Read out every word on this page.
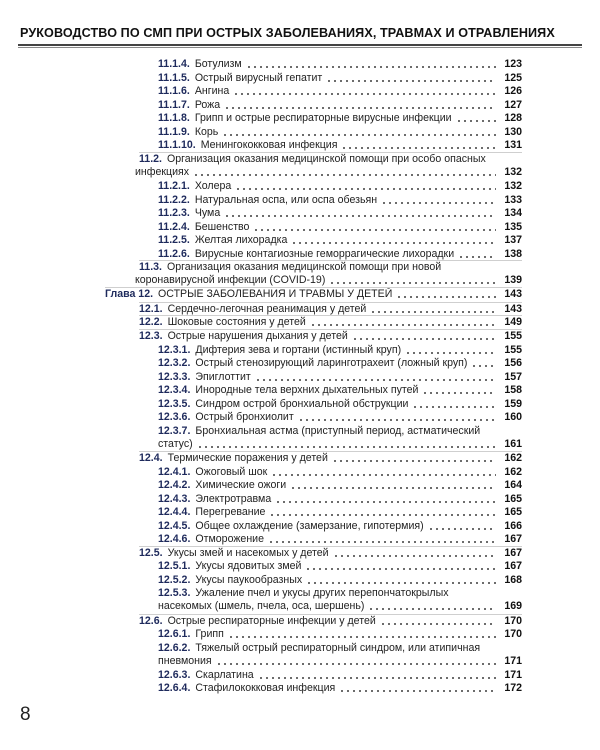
РУКОВОДСТВО ПО СМП ПРИ ОСТРЫХ ЗАБОЛЕВАНИЯХ, ТРАВМАХ И ОТРАВЛЕНИЯХ
11.1.4. Ботулизм	123
11.1.5. Острый вирусный гепатит	125
11.1.6. Ангина	126
11.1.7. Рожа	127
11.1.8. Грипп и острые респираторные вирусные инфекции	128
11.1.9. Корь	130
11.1.10. Менингококковая инфекция	131
11.2. Организация оказания медицинской помощи при особо опасных
инфекциях	132
11.2.1. Холера	132
11.2.2. Натуральная оспа, или оспа обезьян	133
11.2.3. Чума	134
11.2.4. Бешенство	135
11.2.5. Желтая лихорадка	137
11.2.6. Вирусные контагиозные геморрагические лихорадки	138
11.3. Организация оказания медицинской помощи при новой
коронавирусной инфекции (COVID-19)	139
Глава 12. ОСТРЫЕ ЗАБОЛЕВАНИЯ И ТРАВМЫ У ДЕТЕЙ	143
12.1. Сердечно-легочная реанимация у детей	143
12.2. Шоковые состояния у детей	149
12.3. Острые нарушения дыхания у детей	155
12.3.1. Дифтерия зева и гортани (истинный круп)	155
12.3.2. Острый стенозирующий ларинготрахеит (ложный круп)	156
12.3.3. Эпиглоттит	157
12.3.4. Инородные тела верхних дыхательных путей	158
12.3.5. Синдром острой бронхиальной обструкции	159
12.3.6. Острый бронхиолит	160
12.3.7. Бронхиальная астма (приступный период, астматический
статус)	161
12.4. Термические поражения у детей	162
12.4.1. Ожоговый шок	162
12.4.2. Химические ожоги	164
12.4.3. Электротравма	165
12.4.4. Перегревание	165
12.4.5. Общее охлаждение (замерзание, гипотермия)	166
12.4.6. Отморожение	167
12.5. Укусы змей и насекомых у детей	167
12.5.1. Укусы ядовитых змей	167
12.5.2. Укусы паукообразных	168
12.5.3. Ужаление пчел и укусы других перепончатокрылых
насекомых (шмель, пчела, оса, шершень)	169
12.6. Острые респираторные инфекции у детей	170
12.6.1. Грипп	170
12.6.2. Тяжелый острый респираторный синдром, или атипичная
пневмония	171
12.6.3. Скарлатина	171
12.6.4. Стафилококковая инфекция	172
8
